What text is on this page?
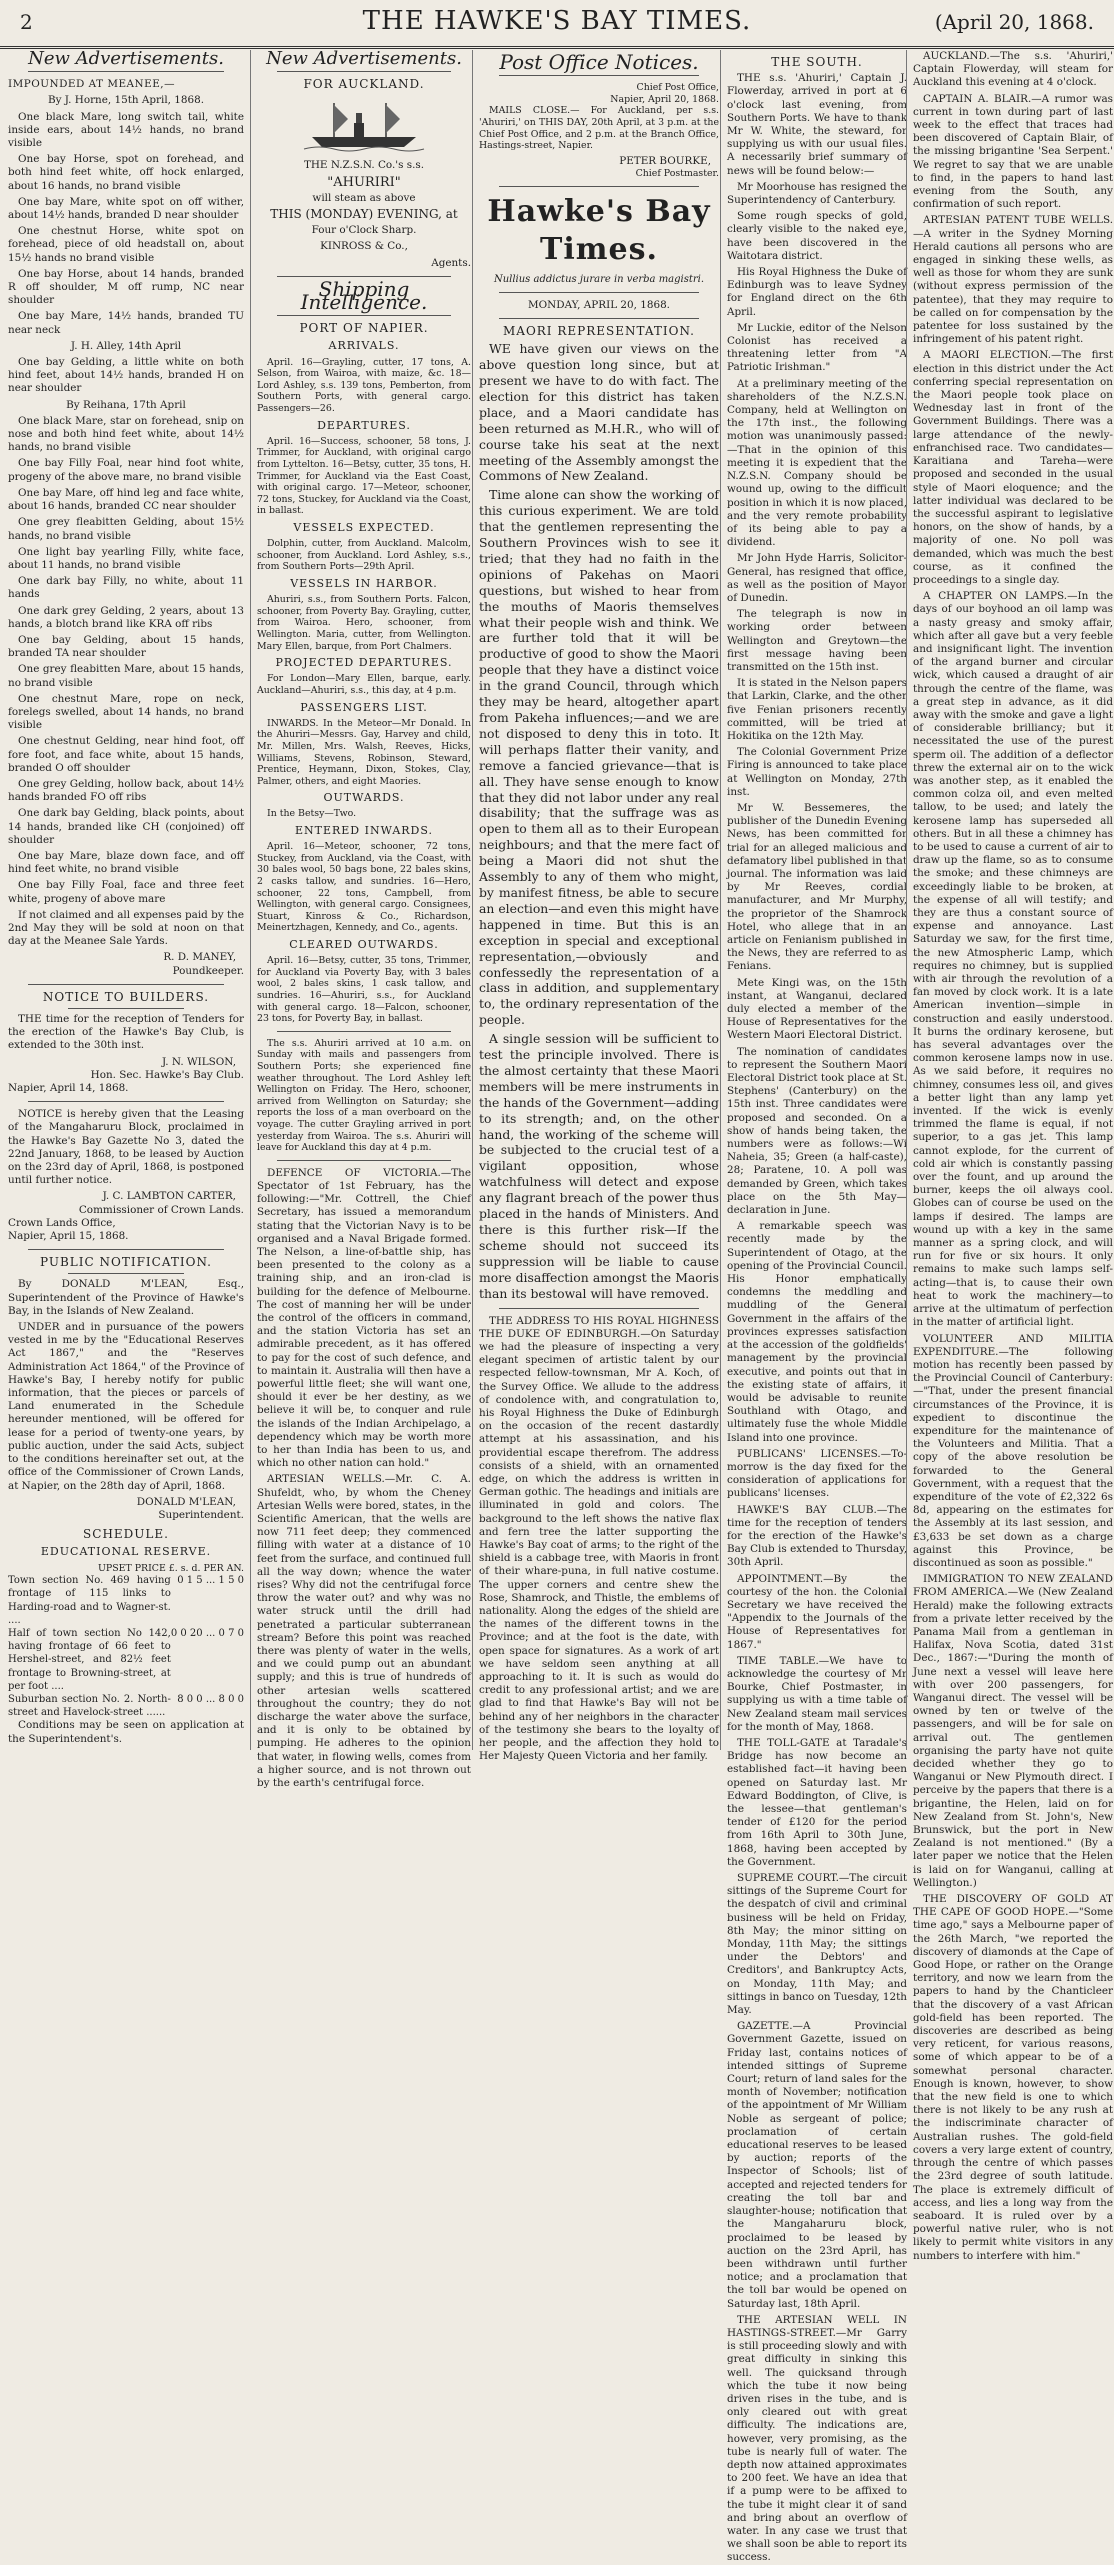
2	THE HAWKE'S BAY TIMES.	(April 20, 1868.
New Advertisements.

IMPOUNDED AT MEANEE,—

By J. Horne, 15th April, 1868.

One black Mare, long switch tail, white inside ears, about 14½ hands, no brand visible

One bay Horse, spot on forehead, and both hind feet white, off hock enlarged, about 16 hands, no brand visible

One bay Mare, white spot on off wither, about 14½ hands, branded D near shoulder

One chestnut Horse, white spot on forehead, piece of old headstall on, about 15½ hands no brand visible

One bay Horse, about 14 hands, branded R off shoulder, M off rump, NC near shoulder

One bay Mare, 14½ hands, branded TU near neck

J. H. Alley, 14th April

One bay Gelding, a little white on both hind feet, about 14½ hands, branded H on near shoulder

By Reihana, 17th April

One black Mare, star on forehead, snip on nose and both hind feet white, about 14½ hands, no brand visible

One bay Filly Foal, near hind foot white, progeny of the above mare, no brand visible

One bay Mare, off hind leg and face white, about 16 hands, branded CC near shoulder

One grey fleabitten Gelding, about 15½ hands, no brand visible

One light bay yearling Filly, white face, about 11 hands, no brand visible

One dark bay Filly, no white, about 11 hands

One dark grey Gelding, 2 years, about 13 hands, a blotch brand like KRA off ribs

One bay Gelding, about 15 hands, branded TA near shoulder

One grey fleabitten Mare, about 15 hands, no brand visible

One chestnut Mare, rope on neck, forelegs swelled, about 14 hands, no brand visible

One chestnut Gelding, near hind foot, off fore foot, and face white, about 15 hands, branded O off shoulder

One grey Gelding, hollow back, about 14½ hands branded FO off ribs

One dark bay Gelding, black points, about 14 hands, branded like CH (conjoined) off shoulder

One bay Mare, blaze down face, and off hind feet white, no brand visible

One bay Filly Foal, face and three feet white, progeny of above mare

If not claimed and all expenses paid by the 2nd May they will be sold at noon on that day at the Meanee Sale Yards.

R. D. MANEY,
Poundkeeper.
NOTICE TO BUILDERS.

THE time for the reception of Tenders for the erection of the Hawke's Bay Club, is extended to the 30th inst.

J. N. WILSON,
Hon. Sec. Hawke's Bay Club.
Napier, April 14, 1868.

NOTICE is hereby given that the Leasing of the Mangaharuru Block, proclaimed in the Hawke's Bay Gazette No 3, dated the 22nd January, 1868, to be leased by Auction on the 23rd day of April, 1868, is postponed until further notice.

J. C. LAMBTON CARTER,
Commissioner of Crown Lands.
Crown Lands Office,
Napier, April 15, 1868.
PUBLIC NOTIFICATION.

By DONALD M'LEAN, Esq., Superintendent of the Province of Hawke's Bay, in the Islands of New Zealand.

UNDER and in pursuance of the powers vested in me by the "Educational Reserves Act 1867," and the "Reserves Administration Act 1864," of the Province of Hawke's Bay, I hereby notify for public information, that the pieces or parcels of Land enumerated in the Schedule hereunder mentioned, will be offered for lease for a period of twenty-one years, by public auction, under the said Acts, subject to the conditions hereinafter set out, at the office of the Commissioner of Crown Lands, at Napier, on the 28th day of April, 1868.

DONALD M'LEAN,
Superintendent.
SCHEDULE.
EDUCATIONAL RESERVE.
UPSET PRICE £. s. d. PER AN.
Town section No. 469 having frontage of 115 links to Harding-road and to Wagner-st. ....	0 1 5 ... 1 5 0
Half of town section No 142, having frontage of 66 feet to Hershel-street, and 82½ feet frontage to Browning-street, at per foot ....	0 0 20 ... 0 7 0
Suburban section No. 2. North-street and Havelock-street ......	8 0 0 ... 8 0 0

Conditions may be seen on application at the Superintendent's.

New Advertisements.
FOR AUCKLAND.

THE N.Z.S.N. Co.'s s.s.

"AHURIRI"

will steam as above

THIS (MONDAY) EVENING, at

Four o'Clock Sharp.

KINROSS & Co.,

Agents.
Shipping Intelligence.
PORT OF NAPIER.
ARRIVALS.

April. 16—Grayling, cutter, 17 tons, A. Selson, from Wairoa, with maize, &c. 18—Lord Ashley, s.s. 139 tons, Pemberton, from Southern Ports, with general cargo. Passengers—26.

DEPARTURES.

April. 16—Success, schooner, 58 tons, J. Trimmer, for Auckland, with original cargo from Lyttelton. 16—Betsy, cutter, 35 tons, H. Trimmer, for Auckland via the East Coast, with original cargo. 17—Meteor, schooner, 72 tons, Stuckey, for Auckland via the Coast, in ballast.

VESSELS EXPECTED.

Dolphin, cutter, from Auckland. Malcolm, schooner, from Auckland. Lord Ashley, s.s., from Southern Ports—29th April.

VESSELS IN HARBOR.

Ahuriri, s.s., from Southern Ports. Falcon, schooner, from Poverty Bay. Grayling, cutter, from Wairoa. Hero, schooner, from Wellington. Maria, cutter, from Wellington. Mary Ellen, barque, from Port Chalmers.

PROJECTED DEPARTURES.

For London—Mary Ellen, barque, early. Auckland—Ahuriri, s.s., this day, at 4 p.m.

PASSENGERS LIST.

INWARDS. In the Meteor—Mr Donald. In the Ahuriri—Messrs. Gay, Harvey and child, Mr. Millen, Mrs. Walsh, Reeves, Hicks, Williams, Stevens, Robinson, Steward, Prentice, Heymann, Dixon, Stokes, Clay, Palmer, others, and eight Maories.

OUTWARDS.

In the Betsy—Two.

ENTERED INWARDS.

April. 16—Meteor, schooner, 72 tons, Stuckey, from Auckland, via the Coast, with 30 bales wool, 50 bags bone, 22 bales skins, 2 casks tallow, and sundries. 16—Hero, schooner, 22 tons, Campbell, from Wellington, with general cargo. Consignees, Stuart, Kinross & Co., Richardson, Meinertzhagen, Kennedy, and Co., agents.

CLEARED OUTWARDS.

April. 16—Betsy, cutter, 35 tons, Trimmer, for Auckland via Poverty Bay, with 3 bales wool, 2 bales skins, 1 cask tallow, and sundries. 16—Ahuriri, s.s., for Auckland with general cargo. 18—Falcon, schooner, 23 tons, for Poverty Bay, in ballast.

The s.s. Ahuriri arrived at 10 a.m. on Sunday with mails and passengers from Southern Ports; she experienced fine weather throughout. The Lord Ashley left Wellington on Friday. The Hero, schooner, arrived from Wellington on Saturday; she reports the loss of a man overboard on the voyage. The cutter Grayling arrived in port yesterday from Wairoa. The s.s. Ahuriri will leave for Auckland this day at 4 p.m.

DEFENCE OF VICTORIA.—The Spectator of 1st February, has the following:—"Mr. Cottrell, the Chief Secretary, has issued a memorandum stating that the Victorian Navy is to be organised and a Naval Brigade formed. The Nelson, a line-of-battle ship, has been presented to the colony as a training ship, and an iron-clad is building for the defence of Melbourne. The cost of manning her will be under the control of the officers in command, and the station Victoria has set an admirable precedent, as it has offered to pay for the cost of such defence, and to maintain it. Australia will then have a powerful little fleet; she will want one, should it ever be her destiny, as we believe it will be, to conquer and rule the islands of the Indian Archipelago, a dependency which may be worth more to her than India has been to us, and which no other nation can hold."

ARTESIAN WELLS.—Mr. C. A. Shufeldt, who, by whom the Cheney Artesian Wells were bored, states, in the Scientific American, that the wells are now 711 feet deep; they commenced filling with water at a distance of 10 feet from the surface, and continued full all the way down; whence the water rises? Why did not the centrifugal force throw the water out? and why was no water struck until the drill had penetrated a particular subterranean stream? Before this point was reached there was plenty of water in the wells, and we could pump out an abundant supply; and this is true of hundreds of other artesian wells scattered throughout the country; they do not discharge the water above the surface, and it is only to be obtained by pumping. He adheres to the opinion that water, in flowing wells, comes from a higher source, and is not thrown out by the earth's centrifugal force.

Post Office Notices.
Chief Post Office,
Napier, April 20, 1868.

MAILS CLOSE.— For Auckland, per s.s. 'Ahuriri,' on THIS DAY, 20th April, at 3 p.m. at the Chief Post Office, and 2 p.m. at the Branch Office, Hastings-street, Napier.

PETER BOURKE,
Chief Postmaster.
Hawke's Bay Times.
Nullius addictus jurare in verba magistri.
MONDAY, APRIL 20, 1868.
MAORI REPRESENTATION.

WE have given our views on the above question long since, but at present we have to do with fact. The election for this district has taken place, and a Maori candidate has been returned as M.H.R., who will of course take his seat at the next meeting of the Assembly amongst the Commons of New Zealand.

Time alone can show the working of this curious experiment. We are told that the gentlemen representing the Southern Provinces wish to see it tried; that they had no faith in the opinions of Pakehas on Maori questions, but wished to hear from the mouths of Maoris themselves what their people wish and think. We are further told that it will be productive of good to show the Maori people that they have a distinct voice in the grand Council, through which they may be heard, altogether apart from Pakeha influences;—and we are not disposed to deny this in toto. It will perhaps flatter their vanity, and remove a fancied grievance—that is all. They have sense enough to know that they did not labor under any real disability; that the suffrage was as open to them all as to their European neighbours; and that the mere fact of being a Maori did not shut the Assembly to any of them who might, by manifest fitness, be able to secure an election—and even this might have happened in time. But this is an exception in special and exceptional representation,—obviously and confessedly the representation of a class in addition, and supplementary to, the ordinary representation of the people.

A single session will be sufficient to test the principle involved. There is the almost certainty that these Maori members will be mere instruments in the hands of the Government—adding to its strength; and, on the other hand, the working of the scheme will be subjected to the crucial test of a vigilant opposition, whose watchfulness will detect and expose any flagrant breach of the power thus placed in the hands of Ministers. And there is this further risk—If the scheme should not succeed its suppression will be liable to cause more disaffection amongst the Maoris than its bestowal will have removed.

THE ADDRESS TO HIS ROYAL HIGHNESS THE DUKE OF EDINBURGH.—On Saturday we had the pleasure of inspecting a very elegant specimen of artistic talent by our respected fellow-townsman, Mr A. Koch, of the Survey Office. We allude to the address of condolence with, and congratulation to, his Royal Highness the Duke of Edinburgh on the occasion of the recent dastardly attempt at his assassination, and his providential escape therefrom. The address consists of a shield, with an ornamented edge, on which the address is written in German gothic. The headings and initials are illuminated in gold and colors. The background to the left shows the native flax and fern tree the latter supporting the Hawke's Bay coat of arms; to the right of the shield is a cabbage tree, with Maoris in front of their whare-puna, in full native costume. The upper corners and centre shew the Rose, Shamrock, and Thistle, the emblems of nationality. Along the edges of the shield are the names of the different towns in the Province; and at the foot is the date, with open space for signatures. As a work of art we have seldom seen anything at all approaching to it. It is such as would do credit to any professional artist; and we are glad to find that Hawke's Bay will not be behind any of her neighbors in the character of the testimony she bears to the loyalty of her people, and the affection they hold to Her Majesty Queen Victoria and her family.

THE SOUTH.

THE s.s. 'Ahuriri,' Captain J. Flowerday, arrived in port at 6 o'clock last evening, from Southern Ports. We have to thank Mr W. White, the steward, for supplying us with our usual files. A necessarily brief summary of news will be found below:—

Mr Moorhouse has resigned the Superintendency of Canterbury.

Some rough specks of gold, clearly visible to the naked eye, have been discovered in the Waitotara district.

His Royal Highness the Duke of Edinburgh was to leave Sydney for England direct on the 6th April.

Mr Luckie, editor of the Nelson Colonist has received a threatening letter from "A Patriotic Irishman."

At a preliminary meeting of the shareholders of the N.Z.S.N. Company, held at Wellington on the 17th inst., the following motion was unanimously passed:—That in the opinion of this meeting it is expedient that the N.Z.S.N. Company should be wound up, owing to the difficult position in which it is now placed, and the very remote probability of its being able to pay a dividend.

Mr John Hyde Harris, Solicitor-General, has resigned that office, as well as the position of Mayor of Dunedin.

The telegraph is now in working order between Wellington and Greytown—the first message having been transmitted on the 15th inst.

It is stated in the Nelson papers that Larkin, Clarke, and the other five Fenian prisoners recently committed, will be tried at Hokitika on the 12th May.

The Colonial Government Prize Firing is announced to take place at Wellington on Monday, 27th inst.

Mr W. Bessemeres, the publisher of the Dunedin Evening News, has been committed for trial for an alleged malicious and defamatory libel published in that journal. The information was laid by Mr Reeves, cordial manufacturer, and Mr Murphy, the proprietor of the Shamrock Hotel, who allege that in an article on Fenianism published in the News, they are referred to as Fenians.

Mete Kingi was, on the 15th instant, at Wanganui, declared duly elected a member of the House of Representatives for the Western Maori Electoral District.

The nomination of candidates to represent the Southern Maori Electoral District took place at St. Stephens' (Canterbury) on the 15th inst. Three candidates were proposed and seconded. On a show of hands being taken, the numbers were as follows:—Wi Naheia, 35; Green (a half-caste), 28; Paratene, 10. A poll was demanded by Green, which takes place on the 5th May—declaration in June.

A remarkable speech was recently made by the Superintendent of Otago, at the opening of the Provincial Council. His Honor emphatically condemns the meddling and muddling of the General Government in the affairs of the provinces expresses satisfaction at the accession of the goldfields' management by the provincial executive, and points out that in the existing state of affairs, it would be advisable to reunite Southland with Otago, and ultimately fuse the whole Middle Island into one province.

PUBLICANS' LICENSES.—To-morrow is the day fixed for the consideration of applications for publicans' licenses.

HAWKE'S BAY CLUB.—The time for the reception of tenders for the erection of the Hawke's Bay Club is extended to Thursday, 30th April.

APPOINTMENT.—By the courtesy of the hon. the Colonial Secretary we have received the "Appendix to the Journals of the House of Representatives for 1867."

TIME TABLE.—We have to acknowledge the courtesy of Mr Bourke, Chief Postmaster, in supplying us with a time table of New Zealand steam mail services for the month of May, 1868.

THE TOLL-GATE at Taradale's Bridge has now become an established fact—it having been opened on Saturday last. Mr Edward Boddington, of Clive, is the lessee—that gentleman's tender of £120 for the period from 16th April to 30th June, 1868, having been accepted by the Government.

SUPREME COURT.—The circuit sittings of the Supreme Court for the despatch of civil and criminal business will be held on Friday, 8th May; the minor sitting on Monday, 11th May; the sittings under the Debtors' and Creditors', and Bankruptcy Acts, on Monday, 11th May; and sittings in banco on Tuesday, 12th May.

GAZETTE.—A Provincial Government Gazette, issued on Friday last, contains notices of intended sittings of Supreme Court; return of land sales for the month of November; notification of the appointment of Mr William Noble as sergeant of police; proclamation of certain educational reserves to be leased by auction; reports of the Inspector of Schools; list of accepted and rejected tenders for creating the toll bar and slaughter-house; notification that the Mangaharuru block, proclaimed to be leased by auction on the 23rd April, has been withdrawn until further notice; and a proclamation that the toll bar would be opened on Saturday last, 18th April.

THE ARTESIAN WELL IN HASTINGS-STREET.—Mr Garry is still proceeding slowly and with great difficulty in sinking this well. The quicksand through which the tube it now being driven rises in the tube, and is only cleared out with great difficulty. The indications are, however, very promising, as the tube is nearly full of water. The depth now attained approximates to 200 feet. We have an idea that if a pump were to be affixed to the tube it might clear it of sand and bring about an overflow of water. In any case we trust that we shall soon be able to report its success.

AUCKLAND.—The s.s. 'Ahuriri,' Captain Flowerday, will steam for Auckland this evening at 4 o'clock.

CAPTAIN A. BLAIR.—A rumor was current in town during part of last week to the effect that traces had been discovered of Captain Blair, of the missing brigantine 'Sea Serpent.' We regret to say that we are unable to find, in the papers to hand last evening from the South, any confirmation of such report.

ARTESIAN PATENT TUBE WELLS.—A writer in the Sydney Morning Herald cautions all persons who are engaged in sinking these wells, as well as those for whom they are sunk (without express permission of the patentee), that they may require to be called on for compensation by the patentee for loss sustained by the infringement of his patent right.

A MAORI ELECTION.—The first election in this district under the Act conferring special representation on the Maori people took place on Wednesday last in front of the Government Buildings. There was a large attendance of the newly-enfranchised race. Two candidates—Karaitiana and Tareha—were proposed and seconded in the usual style of Maori eloquence; and the latter individual was declared to be the successful aspirant to legislative honors, on the show of hands, by a majority of one. No poll was demanded, which was much the best course, as it confined the proceedings to a single day.

A CHAPTER ON LAMPS.—In the days of our boyhood an oil lamp was a nasty greasy and smoky affair, which after all gave but a very feeble and insignificant light. The invention of the argand burner and circular wick, which caused a draught of air through the centre of the flame, was a great step in advance, as it did away with the smoke and gave a light of considerable brilliancy; but it necessitated the use of the purest sperm oil. The addition of a deflector threw the external air on to the wick was another step, as it enabled the common colza oil, and even melted tallow, to be used; and lately the kerosene lamp has superseded all others. But in all these a chimney has to be used to cause a current of air to draw up the flame, so as to consume the smoke; and these chimneys are exceedingly liable to be broken, at the expense of all will testify; and they are thus a constant source of expense and annoyance. Last Saturday we saw, for the first time, the new Atmospheric Lamp, which requires no chimney, but is supplied with air through the revolution of a fan moved by clock work. It is a late American invention—simple in construction and easily understood. It burns the ordinary kerosene, but has several advantages over the common kerosene lamps now in use. As we said before, it requires no chimney, consumes less oil, and gives a better light than any lamp yet invented. If the wick is evenly trimmed the flame is equal, if not superior, to a gas jet. This lamp cannot explode, for the current of cold air which is constantly passing over the fount, and up around the burner, keeps the oil always cool. Globes can of course be used on the lamps if desired. The lamps are wound up with a key in the same manner as a spring clock, and will run for five or six hours. It only remains to make such lamps self-acting—that is, to cause their own heat to work the machinery—to arrive at the ultimatum of perfection in the matter of artificial light.

VOLUNTEER AND MILITIA EXPENDITURE.—The following motion has recently been passed by the Provincial Council of Canterbury:—"That, under the present financial circumstances of the Province, it is expedient to discontinue the expenditure for the maintenance of the Volunteers and Militia. That a copy of the above resolution be forwarded to the General Government, with a request that the expenditure of the vote of £2,322 6s 8d, appearing on the estimates for the Assembly at its last session, and £3,633 be set down as a charge against this Province, be discontinued as soon as possible."

IMMIGRATION TO NEW ZEALAND FROM AMERICA.—We (New Zealand Herald) make the following extracts from a private letter received by the Panama Mail from a gentleman in Halifax, Nova Scotia, dated 31st Dec., 1867:—"During the month of June next a vessel will leave here with over 200 passengers, for Wanganui direct. The vessel will be owned by ten or twelve of the passengers, and will be for sale on arrival out. The gentlemen organising the party have not quite decided whether they go to Wanganui or New Plymouth direct. I perceive by the papers that there is a brigantine, the Helen, laid on for New Zealand from St. John's, New Brunswick, but the port in New Zealand is not mentioned." (By a later paper we notice that the Helen is laid on for Wanganui, calling at Wellington.)

THE DISCOVERY OF GOLD AT THE CAPE OF GOOD HOPE.—"Some time ago," says a Melbourne paper of the 26th March, "we reported the discovery of diamonds at the Cape of Good Hope, or rather on the Orange territory, and now we learn from the papers to hand by the Chanticleer that the discovery of a vast African gold-field has been reported. The discoveries are described as being very reticent, for various reasons, some of which appear to be of a somewhat personal character. Enough is known, however, to show that the new field is one to which there is not likely to be any rush at the indiscriminate character of Australian rushes. The gold-field covers a very large extent of country, through the centre of which passes the 23rd degree of south latitude. The place is extremely difficult of access, and lies a long way from the seaboard. It is ruled over by a powerful native ruler, who is not likely to permit white visitors in any numbers to interfere with him."
